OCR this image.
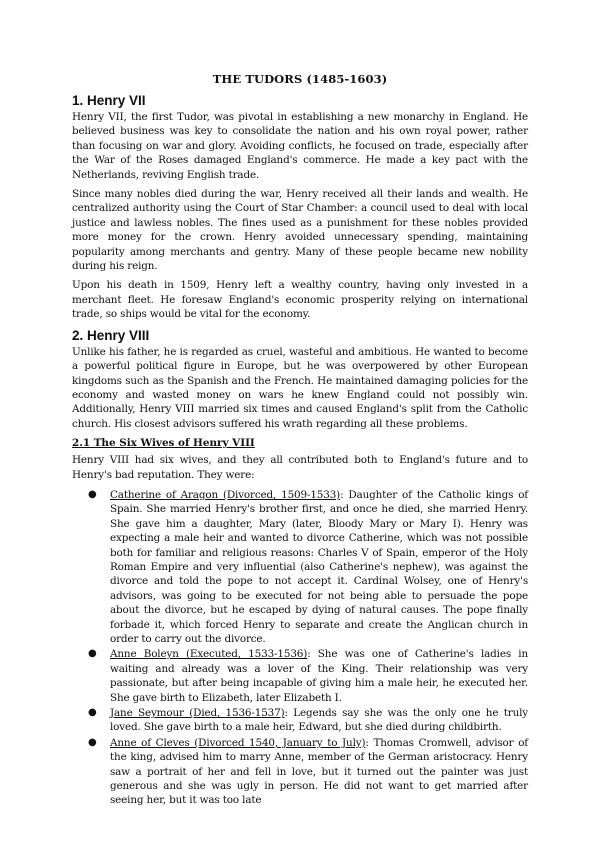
THE TUDORS (1485-1603)
1. Henry VII

Henry VII, the first Tudor, was pivotal in establishing a new monarchy in England. He believed business was key to consolidate the nation and his own royal power, rather than focusing on war and glory. Avoiding conflicts, he focused on trade, especially after the War of the Roses damaged England's commerce. He made a key pact with the Netherlands, reviving English trade.

Since many nobles died during the war, Henry received all their lands and wealth. He centralized authority using the Court of Star Chamber: a council used to deal with local justice and lawless nobles. The fines used as a punishment for these nobles provided more money for the crown. Henry avoided unnecessary spending, maintaining popularity among merchants and gentry. Many of these people became new nobility during his reign.

Upon his death in 1509, Henry left a wealthy country, having only invested in a merchant fleet. He foresaw England's economic prosperity relying on international trade, so ships would be vital for the economy.

2. Henry VIII

Unlike his father, he is regarded as cruel, wasteful and ambitious. He wanted to become a powerful political figure in Europe, but he was overpowered by other European kingdoms such as the Spanish and the French. He maintained damaging policies for the economy and wasted money on wars he knew England could not possibly win. Additionally, Henry VIII married six times and caused England's split from the Catholic church. His closest advisors suffered his wrath regarding all these problems.

2.1 The Six Wives of Henry VIII

Henry VIII had six wives, and they all contributed both to England's future and to Henry's bad reputation. They were:

● Catherine of Aragon (Divorced, 1509-1533): Daughter of the Catholic kings of Spain. She married Henry's brother first, and once he died, she married Henry. She gave him a daughter, Mary (later, Bloody Mary or Mary I). Henry was expecting a male heir and wanted to divorce Catherine, which was not possible both for familiar and religious reasons: Charles V of Spain, emperor of the Holy Roman Empire and very influential (also Catherine's nephew), was against the divorce and told the pope to not accept it. Cardinal Wolsey, one of Henry's advisors, was going to be executed for not being able to persuade the pope about the divorce, but he escaped by dying of natural causes. The pope finally forbade it, which forced Henry to separate and create the Anglican church in order to carry out the divorce.
● Anne Boleyn (Executed, 1533-1536): She was one of Catherine's ladies in waiting and already was a lover of the King. Their relationship was very passionate, but after being incapable of giving him a male heir, he executed her. She gave birth to Elizabeth, later Elizabeth I.
● Jane Seymour (Died, 1536-1537): Legends say she was the only one he truly loved. She gave birth to a male heir, Edward, but she died during childbirth.
● Anne of Cleves (Divorced 1540, January to July): Thomas Cromwell, advisor of the king, advised him to marry Anne, member of the German aristocracy. Henry saw a portrait of her and fell in love, but it turned out the painter was just generous and she was ugly in person. He did not want to get married after seeing her, but it was too late
